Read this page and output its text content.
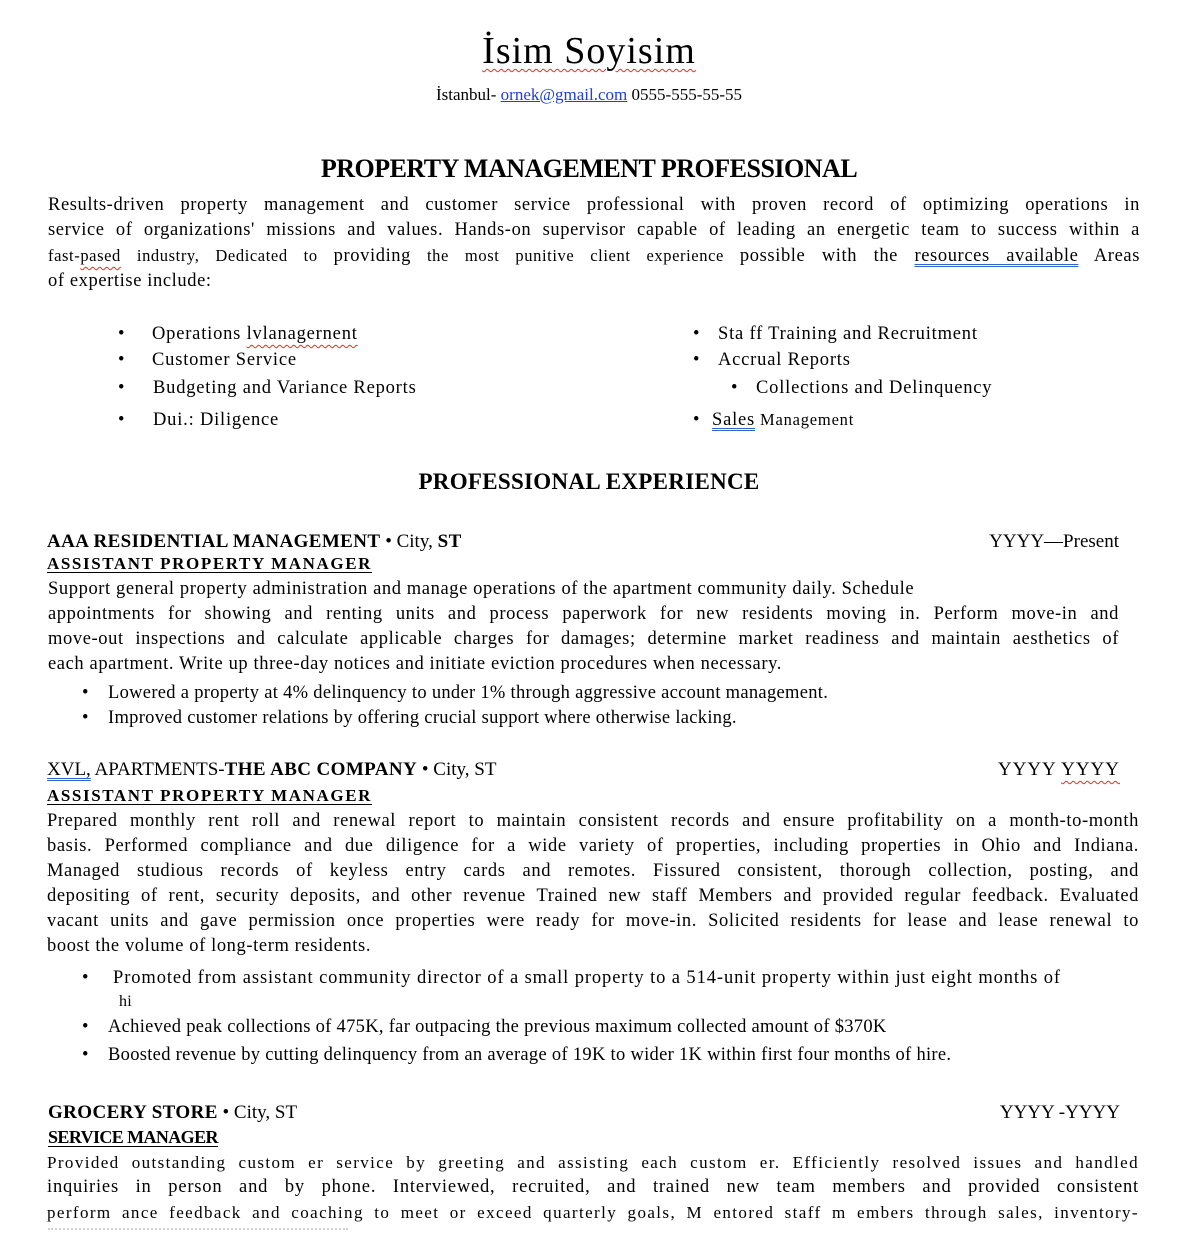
İsim Soyisim
İstanbul- ornek@gmail.com 0555-555-55-55
PROPERTY MANAGEMENT PROFESSIONAL
Results-driven property management and customer service professional with proven record of optimizing operations in
service of organizations' missions and values. Hands-on supervisor capable of leading an energetic team to success within a
fast-pased industry, Dedicated to providing the most punitive client experience possible with the resources available Areas
of expertise include:
• Operations lvlanagernent
• Customer Service
• Budgeting and Variance Reports
• Dui.: Diligence
• Sta ff Training and Recruitment
• Accrual Reports
• Collections and Delinquency
• Sales Management
PROFESSIONAL EXPERIENCE
AAA RESIDENTIAL MANAGEMENT • City, ST	YYYY—Present
ASSISTANT PROPERTY MANAGER
Support general property administration and manage operations of the apartment community daily. Schedule
appointments for showing and renting units and process paperwork for new residents moving in. Perform move-in and
move-out inspections and calculate applicable charges for damages; determine market readiness and maintain aesthetics of
each apartment. Write up three-day notices and initiate eviction procedures when necessary.
• Lowered a property at 4% delinquency to under 1% through aggressive account management.
• Improved customer relations by offering crucial support where otherwise lacking.
XVL, APARTMENTS-THE ABC COMPANY • City, ST	YYYY YYYY
ASSISTANT PROPERTY MANAGER
Prepared monthly rent roll and renewal report to maintain consistent records and ensure profitability on a month-to-month
basis. Performed compliance and due diligence for a wide variety of properties, including properties in Ohio and Indiana.
Managed studious records of keyless entry cards and remotes. Fissured consistent, thorough collection, posting, and
depositing of rent, security deposits, and other revenue Trained new staff Members and provided regular feedback. Evaluated
vacant units and gave permission once properties were ready for move-in. Solicited residents for lease and lease renewal to
boost the volume of long-term residents.
• Promoted from assistant community director of a small property to a 514-unit property within just eight months of
hi
• Achieved peak collections of 475K, far outpacing the previous maximum collected amount of $370K
• Boosted revenue by cutting delinquency from an average of 19K to wider 1K within first four months of hire.
GROCERY STORE • City, ST	YYYY -YYYY
SERVICE MANAGER
Provided outstanding custom er service by greeting and assisting each custom er. Efficiently resolved issues and handled
inquiries in person and by phone. Interviewed, recruited, and trained new team members and provided consistent
perform ance feedback and coaching to meet or exceed quarterly goals, M entored staff m embers through sales, inventory-
